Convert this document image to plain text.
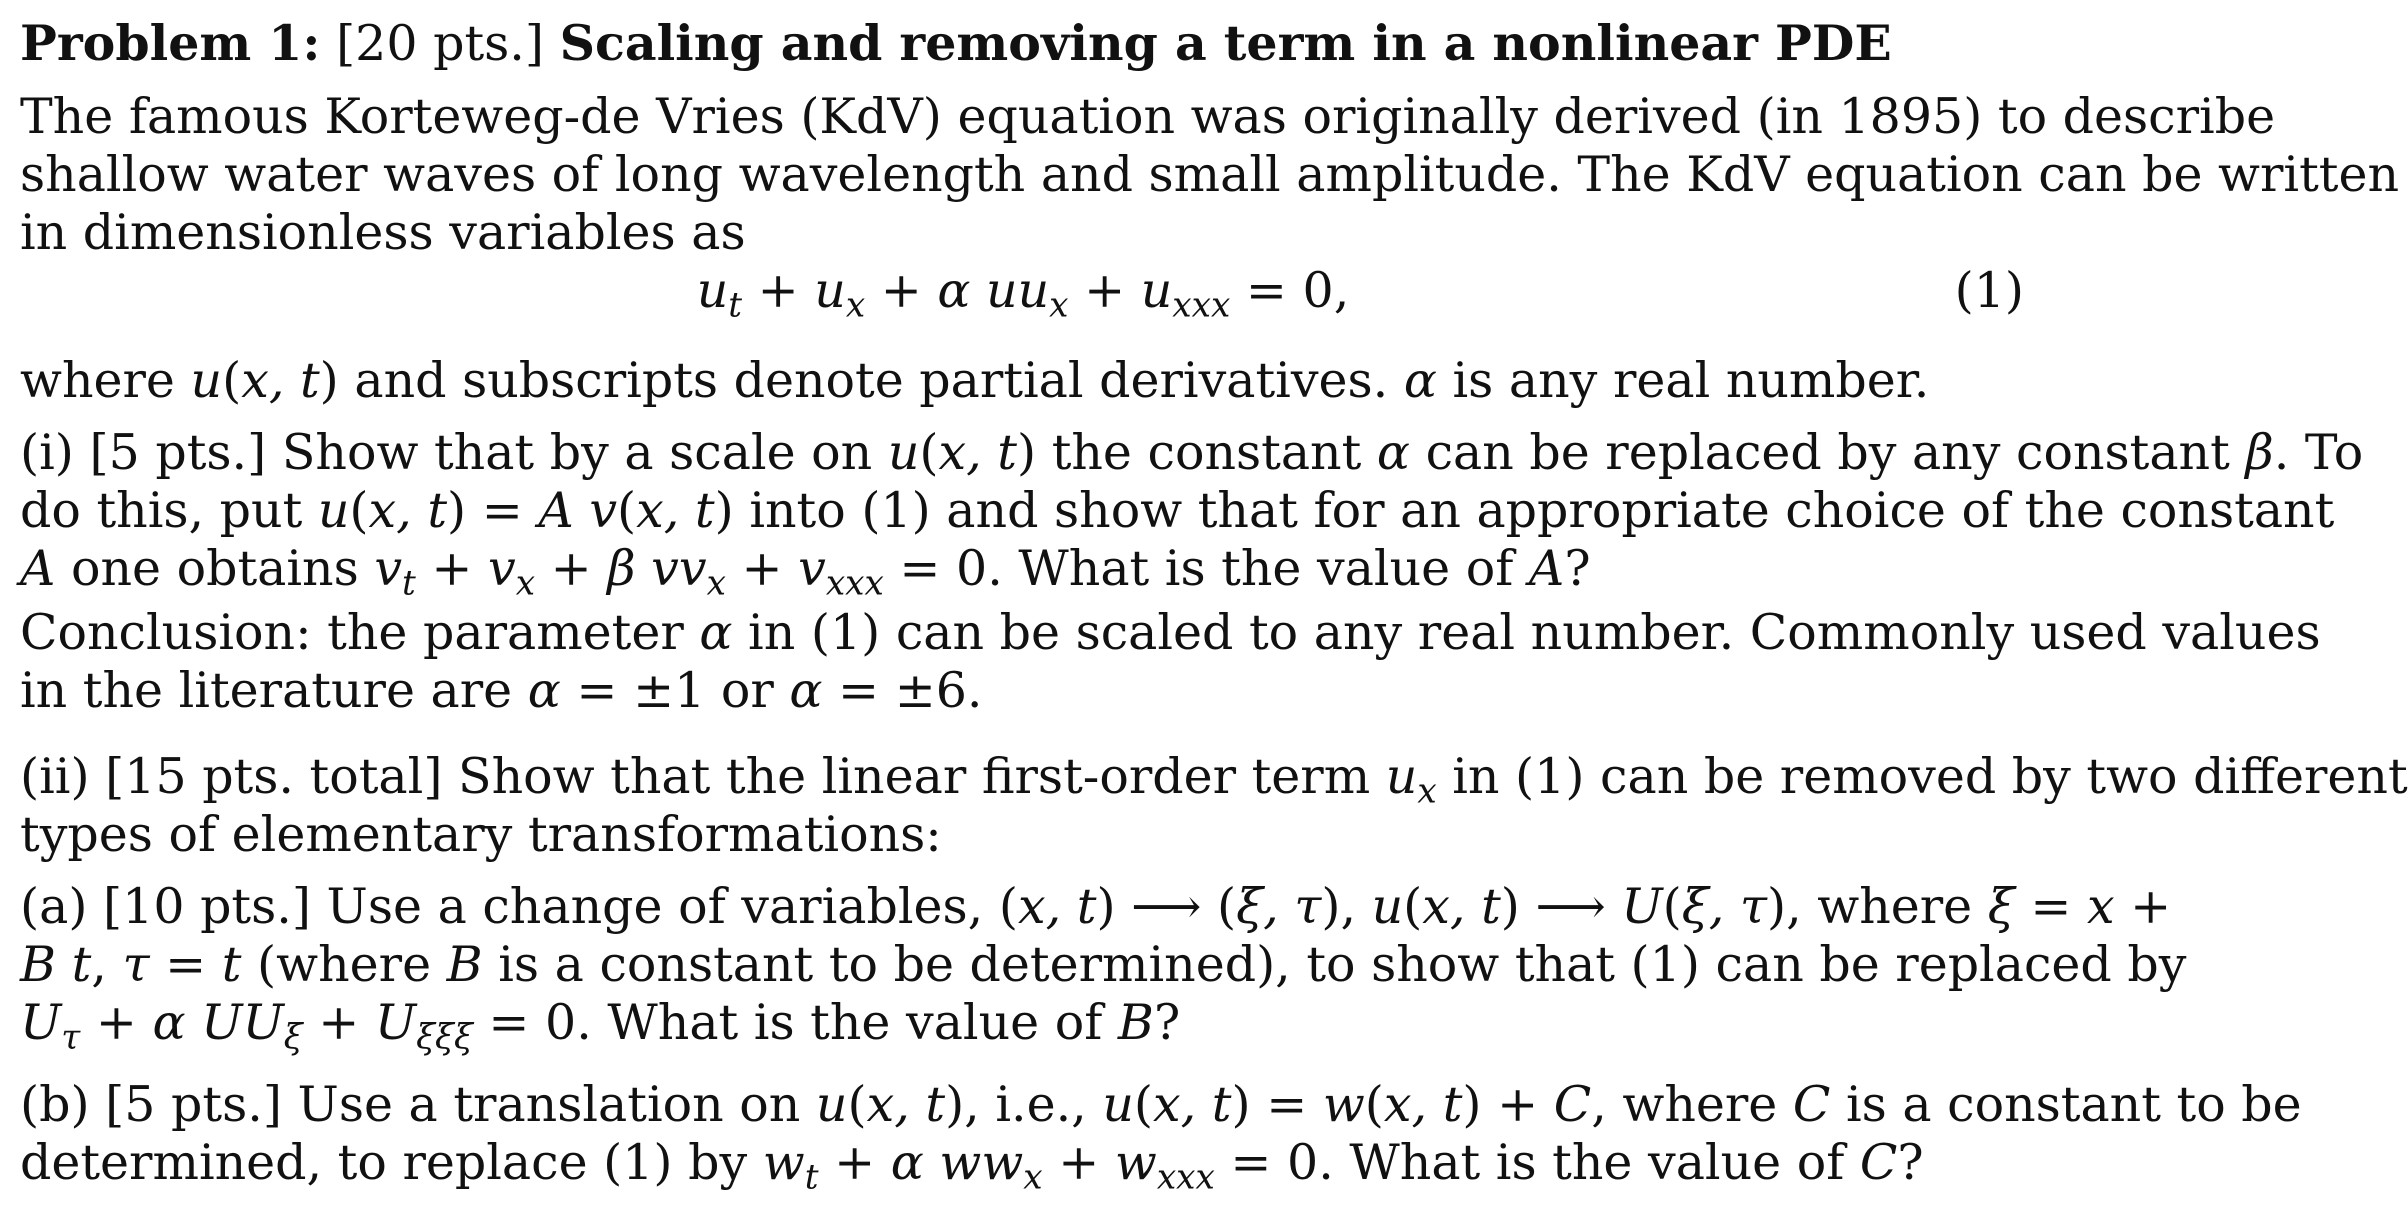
Problem 1: [20 pts.] Scaling and removing a term in a nonlinear PDE
The famous Korteweg-de Vries (KdV) equation was originally derived (in 1895) to describe
shallow water waves of long wavelength and small amplitude. The KdV equation can be written
in dimensionless variables as
$u_t + u_x + \alpha$ $uu_x + u_{xxx} = 0$,	(1)
where u(x, t) and subscripts denote partial derivatives. α is any real number.
(i) [5 pts.] Show that by a scale on u(x, t) the constant α can be replaced by any constant β. To
do this, put u(x, t) = A v(x, t) into (1) and show that for an appropriate choice of the constant
A one obtains $v_t + v_x + \beta$ $vv_x + v_{xxx} = 0$. What is the value of A?
Conclusion: the parameter α in (1) can be scaled to any real number. Commonly used values
in the literature are α = ±1 or α = ±6.
(ii) [15 pts. total] Show that the linear first-order term $u_x$ in (1) can be removed by two different
types of elementary transformations:
(a) [10 pts.] Use a change of variables, (x, t) ⟶ (ξ, τ), u(x, t) ⟶ U(ξ, τ), where ξ = x +
B t, τ = t (where B is a constant to be determined), to show that (1) can be replaced by
$U_\tau + \alpha$ $UU_\xi + U_{\xi\xi\xi} = 0$. What is the value of B?
(b) [5 pts.] Use a translation on u(x, t), i.e., u(x, t) = w(x, t) + C, where C is a constant to be
determined, to replace (1) by $w_t + \alpha$ $ww_x + w_{xxx} = 0$. What is the value of C?
